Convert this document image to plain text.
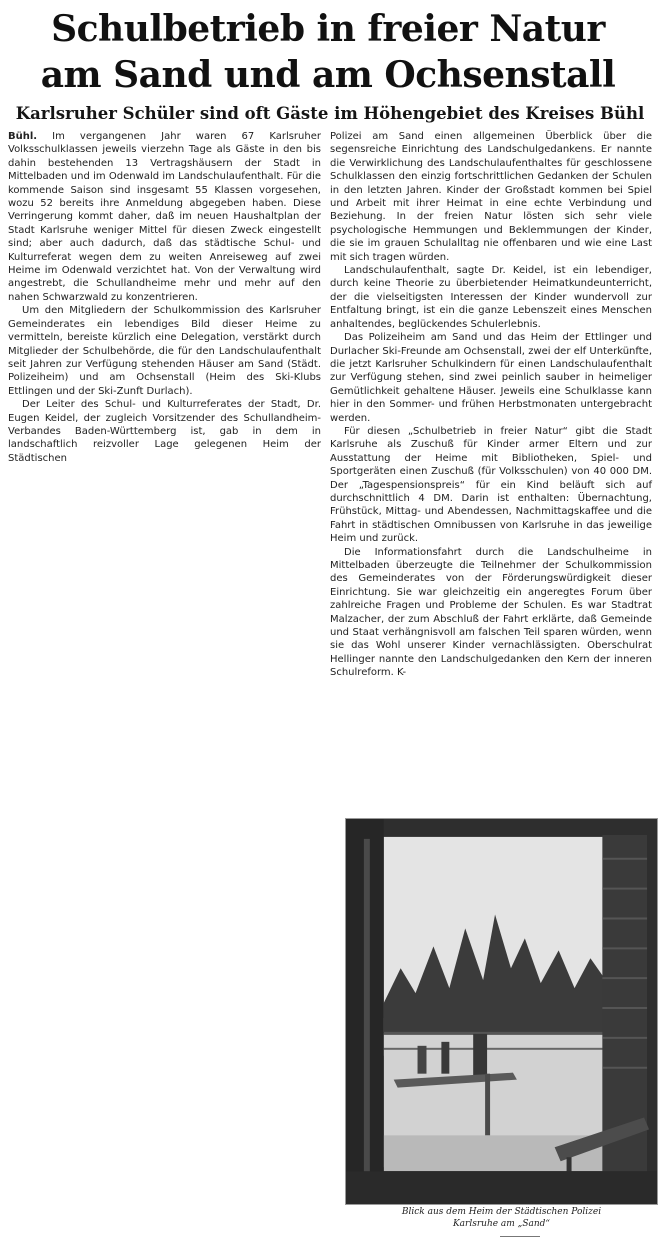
Schulbetrieb in freier Natur
am Sand und am Ochsenstall
Karlsruher Schüler sind oft Gäste im Höhengebiet des Kreises Bühl

Bühl. Im vergangenen Jahr waren 67 Karlsruher Volksschulklassen jeweils vierzehn Tage als Gäste in den bis dahin bestehenden 13 Vertragshäusern der Stadt in Mittelbaden und im Odenwald im Landschulaufenthalt. Für die kommende Saison sind insgesamt 55 Klassen vorgesehen, wozu 52 bereits ihre Anmeldung abgegeben haben. Diese Verringerung kommt daher, daß im neuen Haushaltplan der Stadt Karlsruhe weniger Mittel für diesen Zweck eingestellt sind; aber auch dadurch, daß das städtische Schul- und Kulturreferat wegen dem zu weiten Anreiseweg auf zwei Heime im Odenwald verzichtet hat. Von der Verwaltung wird angestrebt, die Schullandheime mehr und mehr auf den nahen Schwarzwald zu konzentrieren.

Um den Mitgliedern der Schulkommission des Karlsruher Gemeinderates ein lebendiges Bild dieser Heime zu vermitteln, bereiste kürzlich eine Delegation, verstärkt durch Mitglieder der Schulbehörde, die für den Landschulaufenthalt seit Jahren zur Verfügung stehenden Häuser am Sand (Städt. Polizeiheim) und am Ochsenstall (Heim des Ski-Klubs Ettlingen und der Ski-Zunft Durlach).

Der Leiter des Schul- und Kulturreferates der Stadt, Dr. Eugen Keidel, der zugleich Vorsitzender des Schullandheim-Verbandes Baden-Württemberg ist, gab in dem in landschaftlich reizvoller Lage gelegenen Heim der Städtischen

Polizei am Sand einen allgemeinen Überblick über die segensreiche Einrichtung des Landschulgedankens. Er nannte die Verwirklichung des Landschulaufenthaltes für geschlossene Schulklassen den einzig fortschrittlichen Gedanken der Schulen in den letzten Jahren. Kinder der Großstadt kommen bei Spiel und Arbeit mit ihrer Heimat in eine echte Verbindung und Beziehung. In der freien Natur lösten sich sehr viele psychologische Hemmungen und Beklemmungen der Kinder, die sie im grauen Schulalltag nie offenbaren und wie eine Last mit sich tragen würden.

Landschulaufenthalt, sagte Dr. Keidel, ist ein lebendiger, durch keine Theorie zu überbietender Heimatkundeunterricht, der die vielseitigsten Interessen der Kinder wundervoll zur Entfaltung bringt, ist ein die ganze Lebenszeit eines Menschen anhaltendes, beglückendes Schulerlebnis.

Das Polizeiheim am Sand und das Heim der Ettlinger und Durlacher Ski-Freunde am Ochsenstall, zwei der elf Unterkünfte, die jetzt Karlsruher Schulkindern für einen Landschulaufenthalt zur Verfügung stehen, sind zwei peinlich sauber in heimeliger Gemütlichkeit gehaltene Häuser. Jeweils eine Schulklasse kann hier in den Sommer- und frühen Herbstmonaten untergebracht werden.

Für diesen „Schulbetrieb in freier Natur“ gibt die Stadt Karlsruhe als Zuschuß für Kinder armer Eltern und zur Ausstattung der Heime mit Bibliotheken, Spiel- und Sportgeräten einen Zuschuß (für Volksschulen) von 40 000 DM. Der „Tagespensionspreis“ für ein Kind beläuft sich auf durchschnittlich 4 DM. Darin ist enthalten: Übernachtung, Frühstück, Mittag- und Abendessen, Nachmittagskaffee und die Fahrt in städtischen Omnibussen von Karlsruhe in das jeweilige Heim und zurück.

Die Informationsfahrt durch die Landschulheime in Mittelbaden überzeugte die Teilnehmer der Schulkommission des Gemeinderates von der Förderungswürdigkeit dieser Einrichtung. Sie war gleichzeitig ein angeregtes Forum über zahlreiche Fragen und Probleme der Schulen. Es war Stadtrat Malzacher, der zum Abschluß der Fahrt erklärte, daß Gemeinde und Staat verhängnisvoll am falschen Teil sparen würden, wenn sie das Wohl unserer Kinder vernachlässigten. Oberschulrat Hellinger nannte den Landschulgedanken den Kern der inneren Schulreform. K-

Blick aus dem Heim der Städtischen Polizei
Karlsruhe am „Sand“
